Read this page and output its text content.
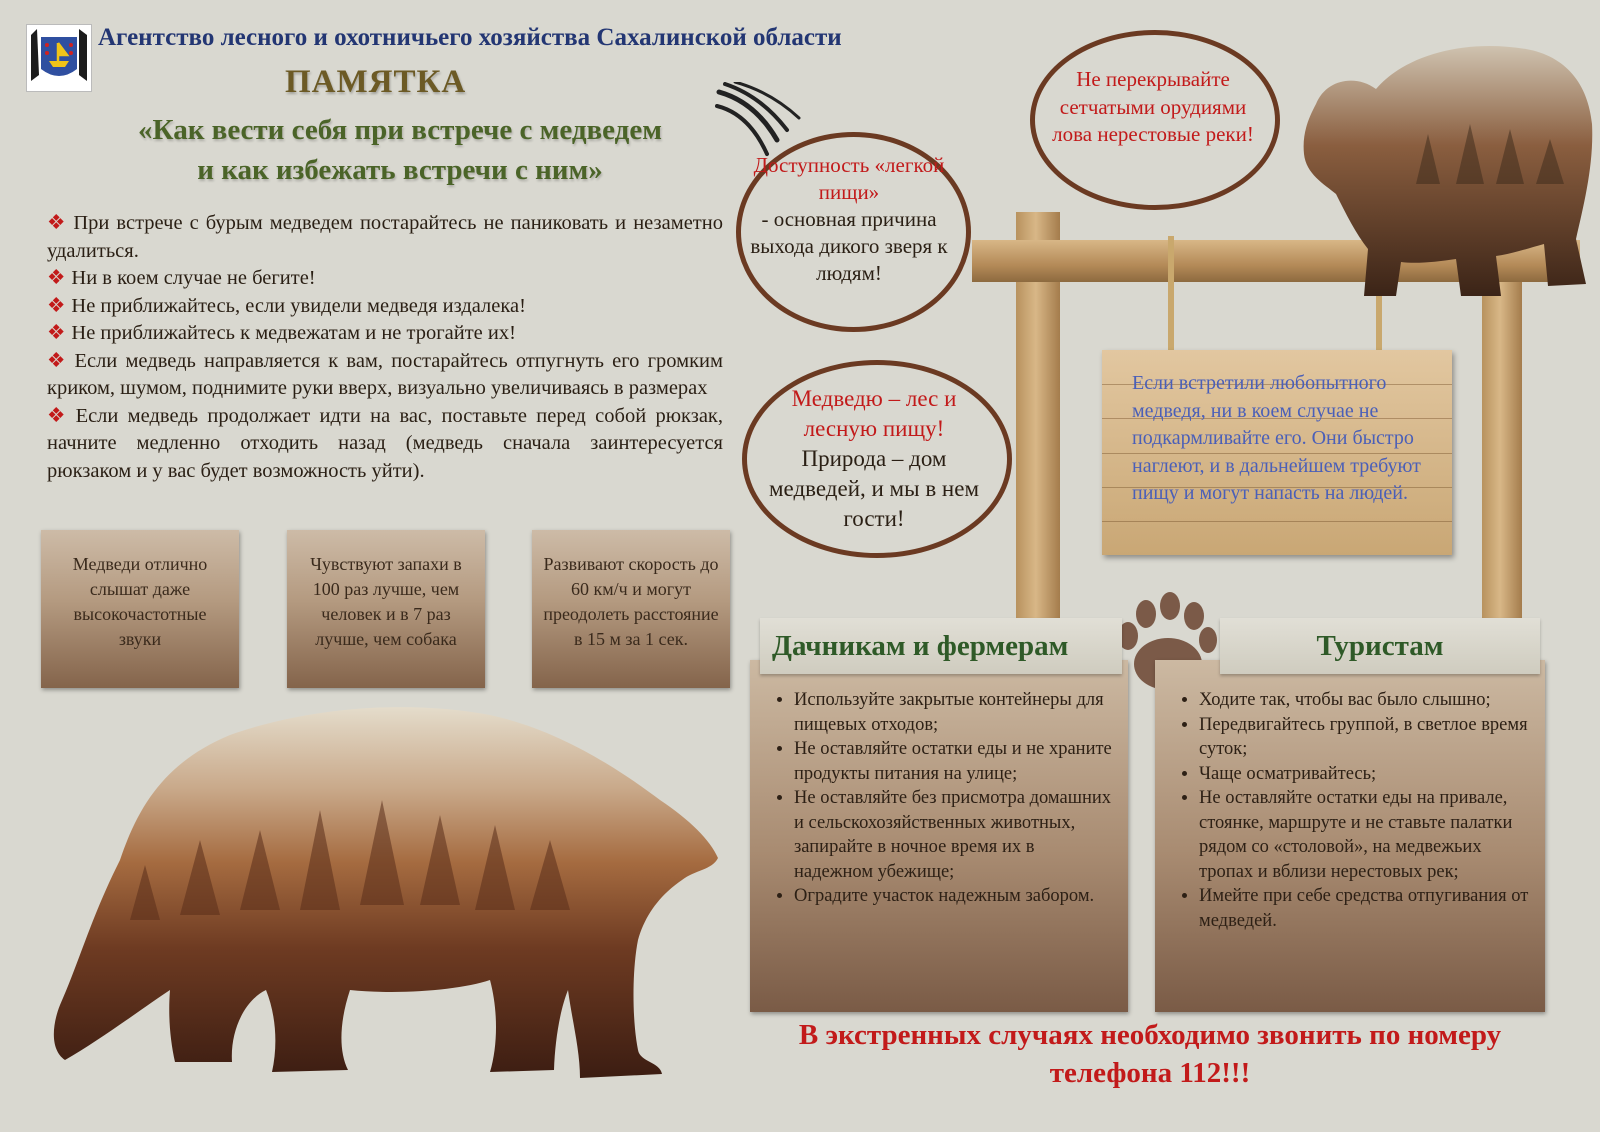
Агентство лесного и охотничьего хозяйства Сахалинской области
ПАМЯТКА
«Как вести себя при встрече с медведем
и как избежать встречи с ним»

❖ При встрече с бурым медведем постарайтесь не паниковать и незаметно удалиться.

❖ Ни в коем случае не бегите!

❖ Не приближайтесь, если увидели медведя издалека!

❖ Не приближайтесь к медвежатам и не трогайте их!

❖ Если медведь направляется к вам, постарайтесь отпугнуть его громким криком, шумом, поднимите руки вверх, визуально увеличиваясь в размерах

❖ Если медведь продолжает идти на вас, поставьте перед собой рюкзак, начните медленно отходить назад (медведь сначала заинтересуется рюкзаком и у вас будет возможность уйти).

Медведи отлично слышат даже высокочастотные звуки
Чувствуют запахи в 100 раз лучше, чем человек и в 7 раз лучше, чем собака
Развивают скорость до 60 км/ч и могут преодолеть расстояние в 15 м за 1 сек.
Доступность «легкой пищи»
- основная причина выхода дикого зверя к людям!
Не перекрывайте сетчатыми орудиями лова нерестовые реки!
Медведю – лес и лесную пищу!
Природа – дом медведей, и мы в нем гости!
Если встретили любопытного медведя, ни в коем случае не подкармливайте его. Они быстро наглеют, и в дальнейшем требуют пищу и могут напасть на людей.
• Используйте закрытые контейнеры для пищевых отходов;
• Не оставляйте остатки еды и не храните продукты питания на улице;
• Не оставляйте без присмотра домашних и сельскохозяйственных животных, запирайте в ночное время их в надежном убежище;
• Оградите участок надежным забором.
Дачникам и фермерам
• Ходите так, чтобы вас было слышно;
• Передвигайтесь группой, в светлое время суток;
• Чаще осматривайтесь;
• Не оставляйте остатки еды на привале, стоянке, маршруте и не ставьте палатки рядом со «столовой», на медвежьих тропах и вблизи нерестовых рек;
• Имейте при себе средства отпугивания от медведей.
Туристам
В экстренных случаях необходимо звонить по номеру
телефона 112!!!
